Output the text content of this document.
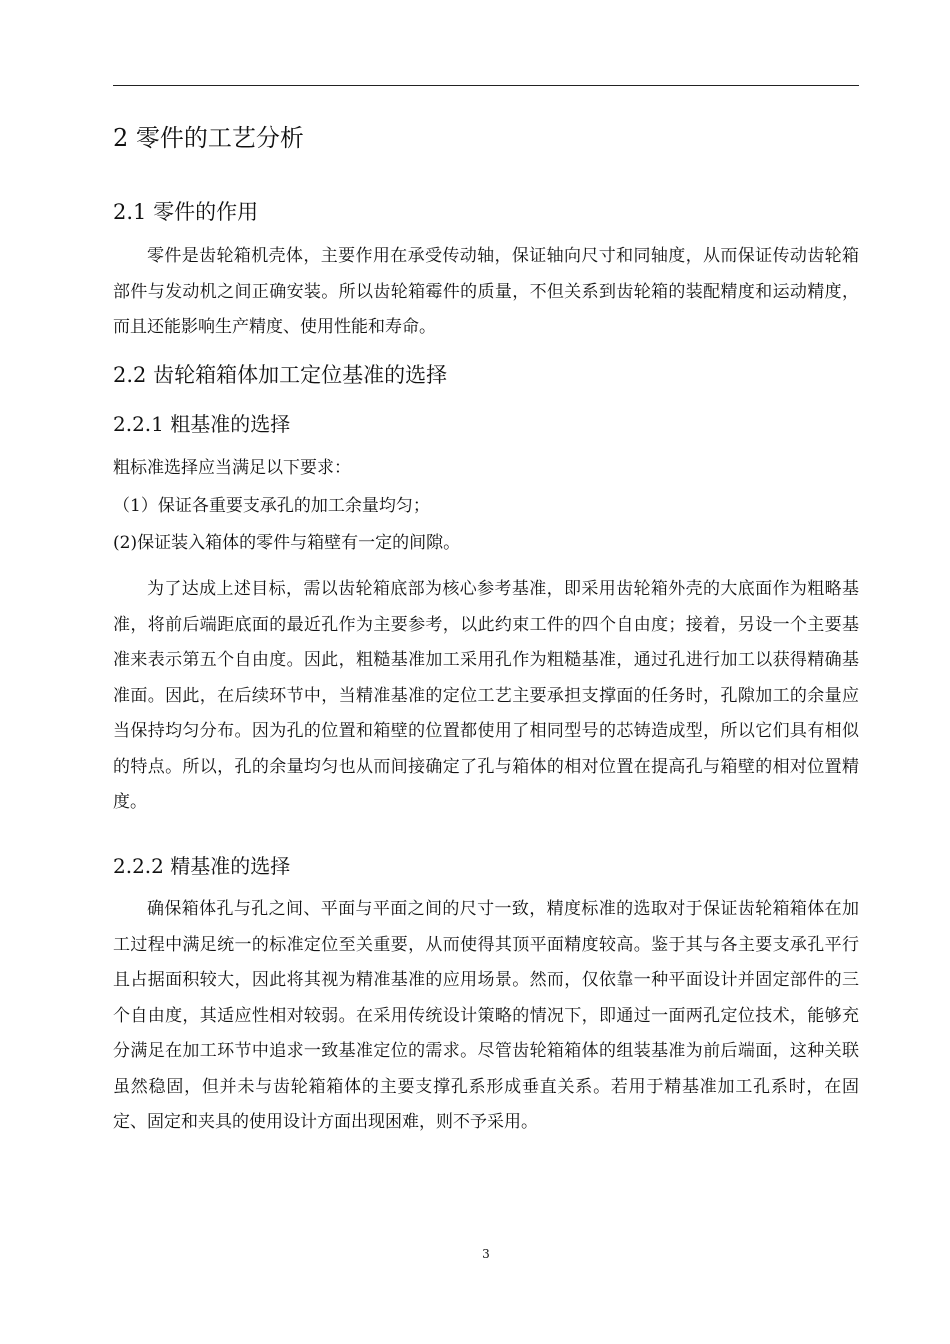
2 零件的工艺分析
2.1 零件的作用

零件是齿轮箱机壳体，主要作用在承受传动轴，保证轴向尺寸和同轴度，从而保证传动齿轮箱部件与发动机之间正确安装。所以齿轮箱霉件的质量，不但关系到齿轮箱的装配精度和运动精度，而且还能影响生产精度、使用性能和寿命。

2.2 齿轮箱箱体加工定位基准的选择
2.2.1 粗基准的选择

粗标准选择应当满足以下要求：

（1）保证各重要支承孔的加工余量均匀；

(2)保证装入箱体的零件与箱壁有一定的间隙。

为了达成上述目标，需以齿轮箱底部为核心参考基准，即采用齿轮箱外壳的大底面作为粗略基准，将前后端距底面的最近孔作为主要参考，以此约束工件的四个自由度；接着，另设一个主要基准来表示第五个自由度。因此，粗糙基准加工采用孔作为粗糙基准，通过孔进行加工以获得精确基准面。因此，在后续环节中，当精准基准的定位工艺主要承担支撑面的任务时，孔隙加工的余量应当保持均匀分布。因为孔的位置和箱壁的位置都使用了相同型号的芯铸造成型，所以它们具有相似的特点。所以，孔的余量均匀也从而间接确定了孔与箱体的相对位置在提高孔与箱壁的相对位置精度。

2.2.2 精基准的选择

确保箱体孔与孔之间、平面与平面之间的尺寸一致，精度标准的选取对于保证齿轮箱箱体在加工过程中满足统一的标准定位至关重要，从而使得其顶平面精度较高。鉴于其与各主要支承孔平行且占据面积较大，因此将其视为精准基准的应用场景。然而，仅依靠一种平面设计并固定部件的三个自由度，其适应性相对较弱。在采用传统设计策略的情况下，即通过一面两孔定位技术，能够充分满足在加工环节中追求一致基准定位的需求。尽管齿轮箱箱体的组装基准为前后端面，这种关联虽然稳固，但并未与齿轮箱箱体的主要支撑孔系形成垂直关系。若用于精基准加工孔系时，在固定、固定和夹具的使用设计方面出现困难，则不予采用。

3
